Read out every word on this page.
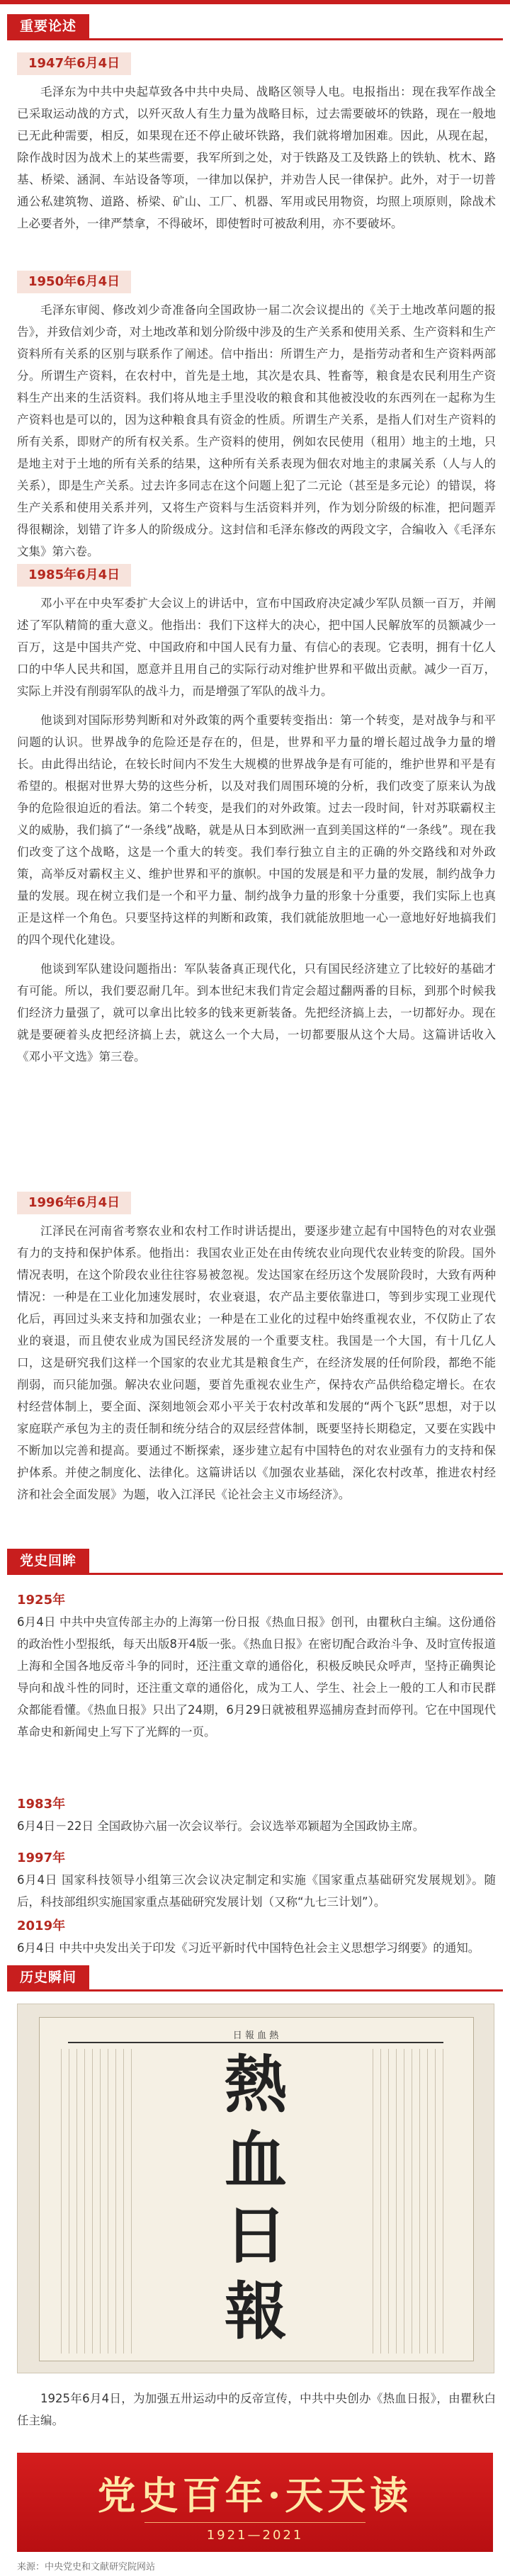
重要论述
1947年6月4日

毛泽东为中共中央起草致各中共中央局、战略区领导人电。电报指出：现在我军作战全已采取运动战的方式，以歼灭敌人有生力量为战略目标，过去需要破坏的铁路，现在一般地已无此种需要，相反，如果现在还不停止破坏铁路，我们就将增加困难。因此，从现在起，除作战时因为战术上的某些需要，我军所到之处，对于铁路及工及铁路上的铁轨、枕木、路基、桥梁、涵洞、车站设备等项，一律加以保护，并劝告人民一律保护。此外，对于一切普通公私建筑物、道路、桥梁、矿山、工厂、机器、军用或民用物资，均照上项原则，除战术上必要者外，一律严禁拿，不得破坏，即使暂时可被敌利用，亦不要破坏。

1950年6月4日

毛泽东审阅、修改刘少奇准备向全国政协一届二次会议提出的《关于土地改革问题的报告》，并致信刘少奇，对土地改革和划分阶级中涉及的生产关系和使用关系、生产资料和生产资料所有关系的区别与联系作了阐述。信中指出：所谓生产力，是指劳动者和生产资料两部分。所谓生产资料，在农村中，首先是土地，其次是农具、牲畜等，粮食是农民利用生产资料生产出来的生活资料。我们将从地主手里没收的粮食和其他被没收的东西列在一起称为生产资料也是可以的，因为这种粮食具有资金的性质。所谓生产关系，是指人们对生产资料的所有关系，即财产的所有权关系。生产资料的使用，例如农民使用（租用）地主的土地，只是地主对于土地的所有关系的结果，这种所有关系表现为佃农对地主的隶属关系（人与人的关系），即是生产关系。过去许多同志在这个问题上犯了二元论（甚至是多元论）的错误，将生产关系和使用关系并列，又将生产资料与生活资料并列，作为划分阶级的标准，把问题弄得很糊涂，划错了许多人的阶级成分。这封信和毛泽东修改的两段文字，合编收入《毛泽东文集》第六卷。

1985年6月4日

邓小平在中央军委扩大会议上的讲话中，宣布中国政府决定减少军队员额一百万，并阐述了军队精简的重大意义。他指出：我们下这样大的决心，把中国人民解放军的员额减少一百万，这是中国共产党、中国政府和中国人民有力量、有信心的表现。它表明，拥有十亿人口的中华人民共和国，愿意并且用自己的实际行动对维护世界和平做出贡献。减少一百万，实际上并没有削弱军队的战斗力，而是增强了军队的战斗力。

他谈到对国际形势判断和对外政策的两个重要转变指出：第一个转变，是对战争与和平问题的认识。世界战争的危险还是存在的，但是，世界和平力量的增长超过战争力量的增长。由此得出结论，在较长时间内不发生大规模的世界战争是有可能的，维护世界和平是有希望的。根据对世界大势的这些分析，以及对我们周围环境的分析，我们改变了原来认为战争的危险很迫近的看法。第二个转变，是我们的对外政策。过去一段时间，针对苏联霸权主义的威胁，我们搞了“一条线”战略，就是从日本到欧洲一直到美国这样的“一条线”。现在我们改变了这个战略，这是一个重大的转变。我们奉行独立自主的正确的外交路线和对外政策，高举反对霸权主义、维护世界和平的旗帜。中国的发展是和平力量的发展，制约战争力量的发展。现在树立我们是一个和平力量、制约战争力量的形象十分重要，我们实际上也真正是这样一个角色。只要坚持这样的判断和政策，我们就能放胆地一心一意地好好地搞我们的四个现代化建设。

他谈到军队建设问题指出：军队装备真正现代化，只有国民经济建立了比较好的基础才有可能。所以，我们要忍耐几年。到本世纪末我们肯定会超过翻两番的目标，到那个时候我们经济力量强了，就可以拿出比较多的钱来更新装备。先把经济搞上去，一切都好办。现在就是要硬着头皮把经济搞上去，就这么一个大局，一切都要服从这个大局。这篇讲话收入《邓小平文选》第三卷。

1996年6月4日

江泽民在河南省考察农业和农村工作时讲话提出，要逐步建立起有中国特色的对农业强有力的支持和保护体系。他指出：我国农业正处在由传统农业向现代农业转变的阶段。国外情况表明，在这个阶段农业往往容易被忽视。发达国家在经历这个发展阶段时，大致有两种情况：一种是在工业化加速发展时，农业衰退，农产品主要依靠进口，等到步实现工业现代化后，再回过头来支持和加强农业；一种是在工业化的过程中始终重视农业，不仅防止了农业的衰退，而且使农业成为国民经济发展的一个重要支柱。我国是一个大国，有十几亿人口，这是研究我们这样一个国家的农业尤其是粮食生产，在经济发展的任何阶段，都绝不能削弱，而只能加强。解决农业问题，要首先重视农业生产，保持农产品供给稳定增长。在农村经营体制上，要全面、深刻地领会邓小平关于农村改革和发展的“两个飞跃”思想，对于以家庭联产承包为主的责任制和统分结合的双层经营体制，既要坚持长期稳定，又要在实践中不断加以完善和提高。要通过不断探索，逐步建立起有中国特色的对农业强有力的支持和保护体系。并使之制度化、法律化。这篇讲话以《加强农业基础，深化农村改革，推进农村经济和社会全面发展》为题，收入江泽民《论社会主义市场经济》。

党史回眸
1925年

6月4日 中共中央宣传部主办的上海第一份日报《热血日报》创刊，由瞿秋白主编。这份通俗的政治性小型报纸，每天出版8开4版一张。《热血日报》在密切配合政治斗争、及时宣传报道上海和全国各地反帝斗争的同时，还注重文章的通俗化，积极反映民众呼声，坚持正确舆论导向和战斗性的同时，还注重文章的通俗化，成为工人、学生、社会上一般的工人和市民群众都能看懂。《热血日报》只出了24期，6月29日就被租界巡捕房查封而停刊。它在中国现代革命史和新闻史上写下了光辉的一页。

1983年

6月4日－22日 全国政协六届一次会议举行。会议选举邓颖超为全国政协主席。

1997年

6月4日 国家科技领导小组第三次会议决定制定和实施《国家重点基础研究发展规划》。随后，科技部组织实施国家重点基础研究发展计划（又称“九七三计划”）。

2019年

6月4日 中共中央发出关于印发《习近平新时代中国特色社会主义思想学习纲要》的通知。

历史瞬间
日 報 血 熱
熱
血
日
報

1925年6月4日，为加强五卅运动中的反帝宣传，中共中央创办《热血日报》，由瞿秋白任主编。

党史百年·天天读
1921—2021
来源：中央党史和文献研究院网站
